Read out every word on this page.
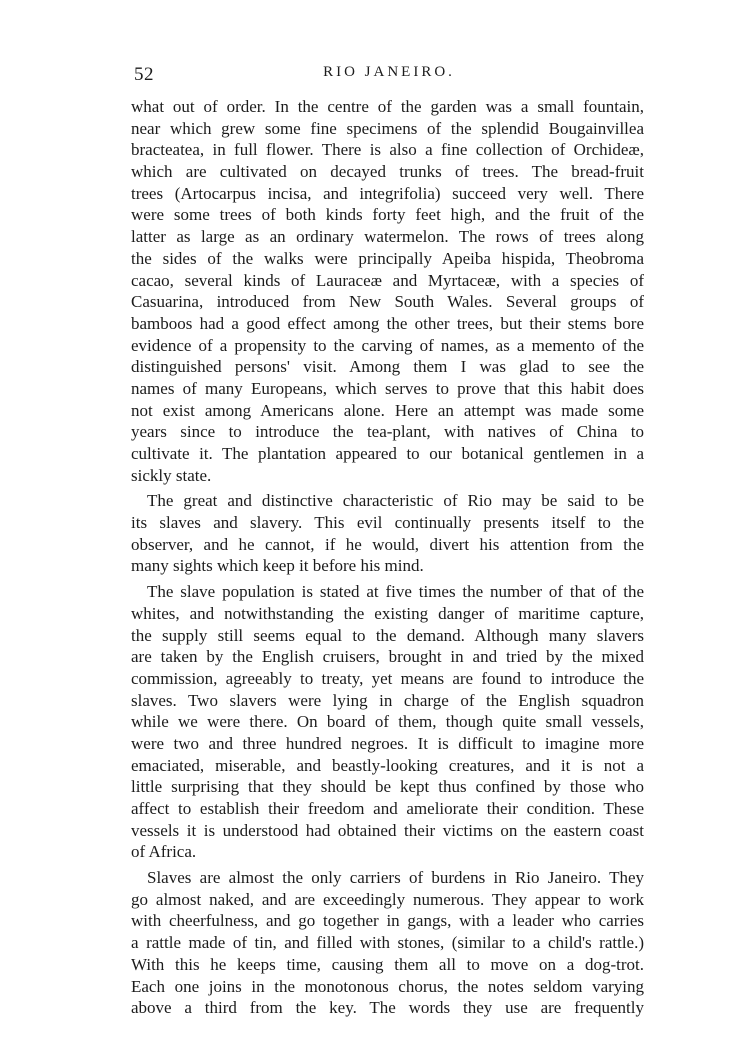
52	RIO JANEIRO.
what out of order. In the centre of the garden was a small fountain,
near which grew some fine specimens of the splendid Bougainvillea
bracteatea, in full flower. There is also a fine collection of Orchideæ,
which are cultivated on decayed trunks of trees. The bread-fruit
trees (Artocarpus incisa, and integrifolia) succeed very well. There
were some trees of both kinds forty feet high, and the fruit of the
latter as large as an ordinary watermelon. The rows of trees along
the sides of the walks were principally Apeiba hispida, Theobroma
cacao, several kinds of Lauraceæ and Myrtaceæ, with a species of
Casuarina, introduced from New South Wales. Several groups of
bamboos had a good effect among the other trees, but their stems bore
evidence of a propensity to the carving of names, as a memento of the
distinguished persons' visit. Among them I was glad to see the
names of many Europeans, which serves to prove that this habit does
not exist among Americans alone. Here an attempt was made some
years since to introduce the tea-plant, with natives of China to
cultivate it. The plantation appeared to our botanical gentlemen in a
sickly state.
The great and distinctive characteristic of Rio may be said to be
its slaves and slavery. This evil continually presents itself to the
observer, and he cannot, if he would, divert his attention from the
many sights which keep it before his mind.
The slave population is stated at five times the number of that of the
whites, and notwithstanding the existing danger of maritime capture,
the supply still seems equal to the demand. Although many slavers
are taken by the English cruisers, brought in and tried by the mixed
commission, agreeably to treaty, yet means are found to introduce the
slaves. Two slavers were lying in charge of the English squadron
while we were there. On board of them, though quite small vessels,
were two and three hundred negroes. It is difficult to imagine more
emaciated, miserable, and beastly-looking creatures, and it is not a
little surprising that they should be kept thus confined by those who
affect to establish their freedom and ameliorate their condition. These
vessels it is understood had obtained their victims on the eastern coast
of Africa.
Slaves are almost the only carriers of burdens in Rio Janeiro. They
go almost naked, and are exceedingly numerous. They appear to work
with cheerfulness, and go together in gangs, with a leader who carries
a rattle made of tin, and filled with stones, (similar to a child's rattle.)
With this he keeps time, causing them all to move on a dog-trot.
Each one joins in the monotonous chorus, the notes seldom varying
above a third from the key. The words they use are frequently
